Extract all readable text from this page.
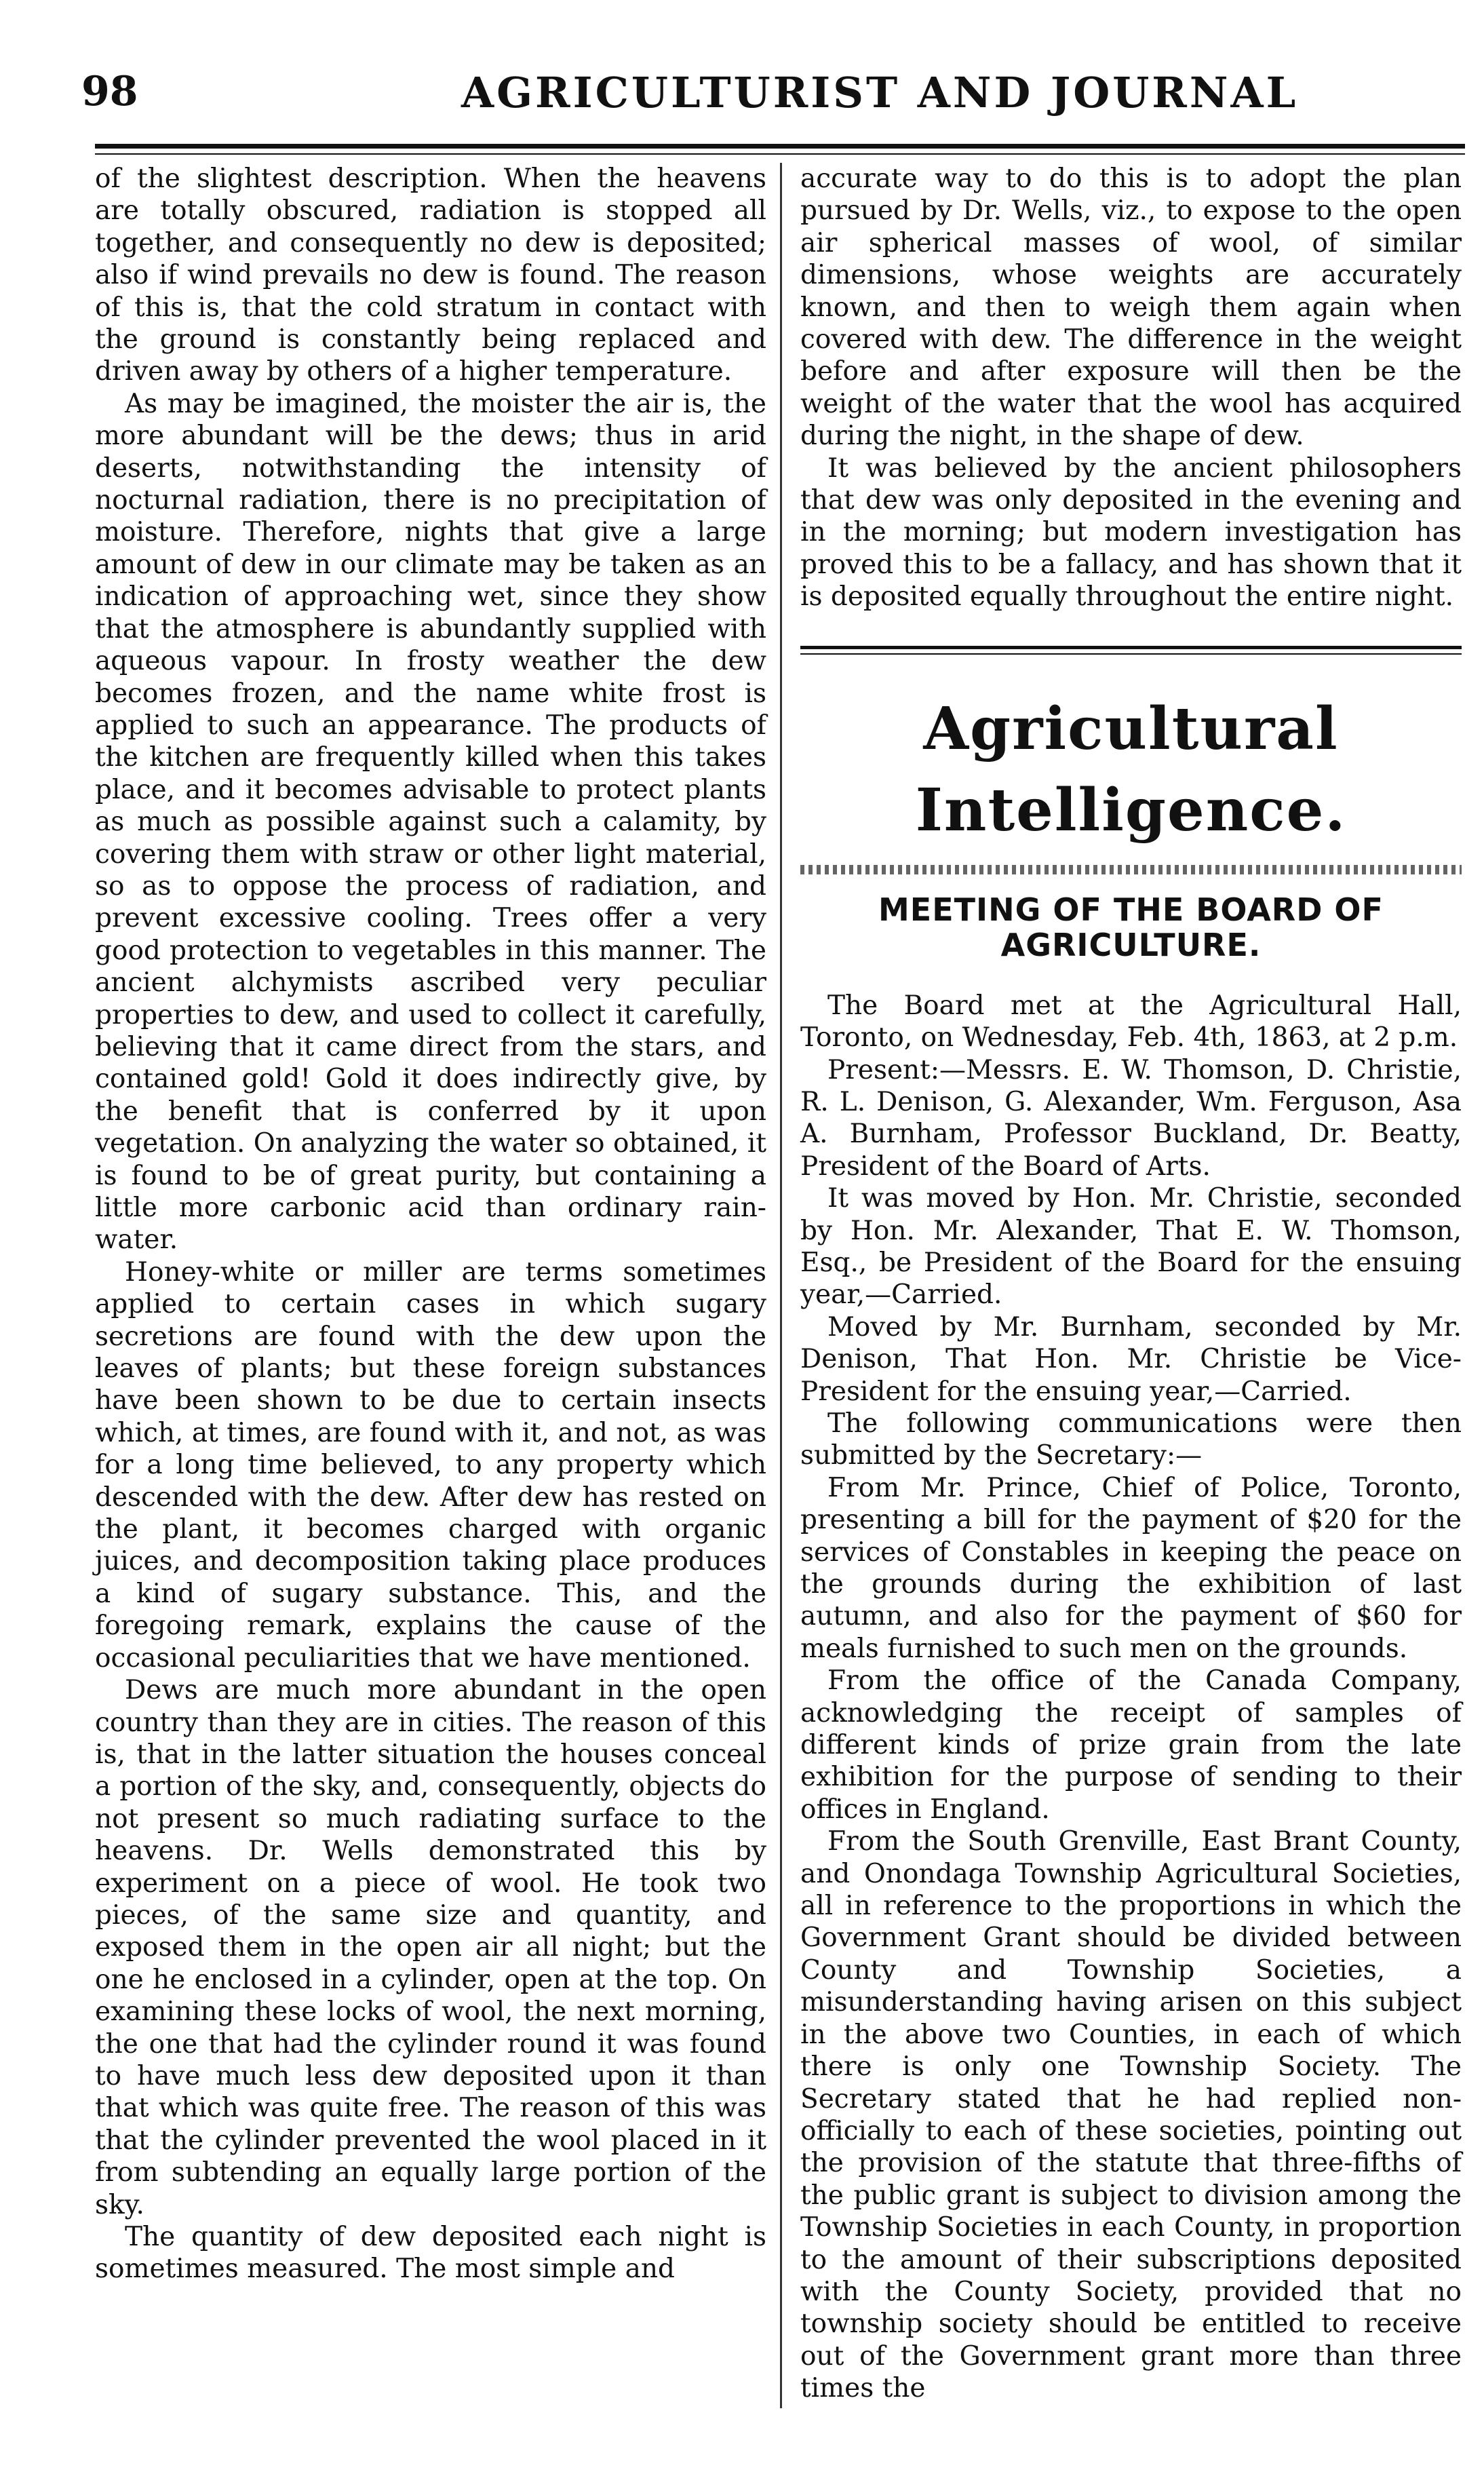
98	AGRICULTURIST AND JOURNAL

of the slightest description. When the heavens are totally obscured, radiation is stopped all together, and consequently no dew is deposited; also if wind prevails no dew is found. The reason of this is, that the cold stratum in contact with the ground is constantly being replaced and driven away by others of a higher temperature.

As may be imagined, the moister the air is, the more abundant will be the dews; thus in arid deserts, notwithstanding the intensity of nocturnal radiation, there is no precipitation of moisture. Therefore, nights that give a large amount of dew in our climate may be taken as an indication of approaching wet, since they show that the atmosphere is abundantly supplied with aqueous vapour. In frosty weather the dew becomes frozen, and the name white frost is applied to such an appearance. The products of the kitchen are frequently killed when this takes place, and it becomes advisable to protect plants as much as possible against such a calamity, by covering them with straw or other light material, so as to oppose the process of radiation, and prevent excessive cooling. Trees offer a very good protection to vegetables in this manner. The ancient alchymists ascribed very peculiar properties to dew, and used to collect it carefully, believing that it came direct from the stars, and contained gold! Gold it does indirectly give, by the benefit that is conferred by it upon vegetation. On analyzing the water so obtained, it is found to be of great purity, but containing a little more carbonic acid than ordinary rain-water.

Honey-white or miller are terms sometimes applied to certain cases in which sugary secretions are found with the dew upon the leaves of plants; but these foreign substances have been shown to be due to certain insects which, at times, are found with it, and not, as was for a long time believed, to any property which descended with the dew. After dew has rested on the plant, it becomes charged with organic juices, and decomposition taking place produces a kind of sugary substance. This, and the foregoing remark, explains the cause of the occasional peculiarities that we have mentioned.

Dews are much more abundant in the open country than they are in cities. The reason of this is, that in the latter situation the houses conceal a portion of the sky, and, consequently, objects do not present so much radiating surface to the heavens. Dr. Wells demonstrated this by experiment on a piece of wool. He took two pieces, of the same size and quantity, and exposed them in the open air all night; but the one he enclosed in a cylinder, open at the top. On examining these locks of wool, the next morning, the one that had the cylinder round it was found to have much less dew deposited upon it than that which was quite free. The reason of this was that the cylinder prevented the wool placed in it from subtending an equally large portion of the sky.

The quantity of dew deposited each night is sometimes measured. The most simple and

accurate way to do this is to adopt the plan pursued by Dr. Wells, viz., to expose to the open air spherical masses of wool, of similar dimensions, whose weights are accurately known, and then to weigh them again when covered with dew. The difference in the weight before and after exposure will then be the weight of the water that the wool has acquired during the night, in the shape of dew.

It was believed by the ancient philosophers that dew was only deposited in the evening and in the morning; but modern investigation has proved this to be a fallacy, and has shown that it is deposited equally throughout the entire night.

Agricultural Intelligence.
MEETING OF THE BOARD OF AGRICULTURE.

The Board met at the Agricultural Hall, Toronto, on Wednesday, Feb. 4th, 1863, at 2 p.m.

Present:—Messrs. E. W. Thomson, D. Christie, R. L. Denison, G. Alexander, Wm. Ferguson, Asa A. Burnham, Professor Buckland, Dr. Beatty, President of the Board of Arts.

It was moved by Hon. Mr. Christie, seconded by Hon. Mr. Alexander, That E. W. Thomson, Esq., be President of the Board for the ensuing year,—Carried.

Moved by Mr. Burnham, seconded by Mr. Denison, That Hon. Mr. Christie be Vice-President for the ensuing year,—Carried.

The following communications were then submitted by the Secretary:—

From Mr. Prince, Chief of Police, Toronto, presenting a bill for the payment of $20 for the services of Constables in keeping the peace on the grounds during the exhibition of last autumn, and also for the payment of $60 for meals furnished to such men on the grounds.

From the office of the Canada Company, acknowledging the receipt of samples of different kinds of prize grain from the late exhibition for the purpose of sending to their offices in England.

From the South Grenville, East Brant County, and Onondaga Township Agricultural Societies, all in reference to the proportions in which the Government Grant should be divided between County and Township Societies, a misunderstanding having arisen on this subject in the above two Counties, in each of which there is only one Township Society. The Secretary stated that he had replied non-officially to each of these societies, pointing out the provision of the statute that three-fifths of the public grant is subject to division among the Township Societies in each County, in proportion to the amount of their subscriptions deposited with the County Society, provided that no township society should be entitled to receive out of the Government grant more than three times the
